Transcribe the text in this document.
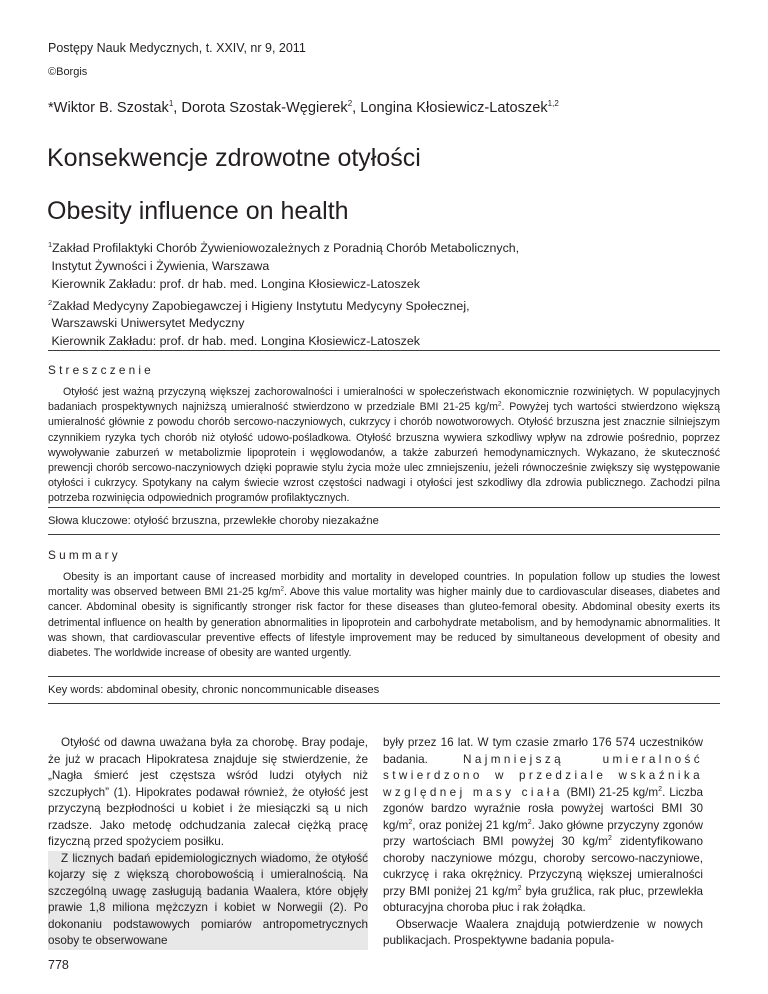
Postępy Nauk Medycznych, t. XXIV, nr 9, 2011
©Borgis
*Wiktor B. Szostak$^1$, Dorota Szostak-Węgierek$^2$, Longina Kłosiewicz-Latoszek$^{1,2}$
Konsekwencje zdrowotne otyłości
Obesity influence on health
$^1$Zakład Profilaktyki Chorób Żywieniowozależnych z Poradnią Chorób Metabolicznych,
Instytut Żywności i Żywienia, Warszawa
Kierownik Zakładu: prof. dr hab. med. Longina Kłosiewicz-Latoszek
$^2$Zakład Medycyny Zapobiegawczej i Higieny Instytutu Medycyny Społecznej,
Warszawski Uniwersytet Medyczny
Kierownik Zakładu: prof. dr hab. med. Longina Kłosiewicz-Latoszek
Streszczenie

Otyłość jest ważną przyczyną większej zachorowalności i umieralności w społeczeństwach ekonomicznie rozwiniętych. W populacyjnych badaniach prospektywnych najniższą umieralność stwierdzono w przedziale BMI 21-25 $kg/m^2$. Powyżej tych wartości stwierdzono większą umieralność głównie z powodu chorób sercowo-naczyniowych, cukrzycy i chorób nowotworowych. Otyłość brzuszna jest znacznie silniejszym czynnikiem ryzyka tych chorób niż otyłość udowo-pośladkowa. Otyłość brzuszna wywiera szkodliwy wpływ na zdrowie pośrednio, poprzez wywoływanie zaburzeń w metabolizmie lipoprotein i węglowodanów, a także zaburzeń hemodynamicznych. Wykazano, że skuteczność prewencji chorób sercowo-naczyniowych dzięki poprawie stylu życia może ulec zmniejszeniu, jeżeli równocześnie zwiększy się występowanie otyłości i cukrzycy. Spotykany na całym świecie wzrost częstości nadwagi i otyłości jest szkodliwy dla zdrowia publicznego. Zachodzi pilna potrzeba rozwinięcia odpowiednich programów profilaktycznych.

Słowa kluczowe: otyłość brzuszna, przewlekłe choroby niezakaźne
Summary

Obesity is an important cause of increased morbidity and mortality in developed countries. In population follow up studies the lowest mortality was observed between BMI 21-25 $kg/m^2$. Above this value mortality was higher mainly due to cardiovascular diseases, diabetes and cancer. Abdominal obesity is significantly stronger risk factor for these diseases than gluteo-femoral obesity. Abdominal obesity exerts its detrimental influence on health by generation abnormalities in lipoprotein and carbohydrate metabolism, and by hemodynamic abnormalities. It was shown, that cardiovascular preventive effects of lifestyle improvement may be reduced by simultaneous development of obesity and diabetes. The worldwide increase of obesity are wanted urgently.

Key words: abdominal obesity, chronic noncommunicable diseases

Otyłość od dawna uważana była za chorobę. Bray podaje, że już w pracach Hipokratesa znajduje się stwierdzenie, że „Nagła śmierć jest częstsza wśród ludzi otyłych niż szczupłych” (1). Hipokrates podawał również, że otyłość jest przyczyną bezpłodności u kobiet i że miesiączki są u nich rzadsze. Jako metodę odchudzania zalecał ciężką pracę fizyczną przed spożyciem posiłku.

Z licznych badań epidemiologicznych wiadomo, że otyłość kojarzy się z większą chorobowością i umieralnością. Na szczególną uwagę zasługują badania Waalera, które objęły prawie 1,8 miliona mężczyzn i kobiet w Norwegii (2). Po dokonaniu podstawowych pomiarów antropometrycznych osoby te obserwowane

były przez 16 lat. W tym czasie zmarło 176 574 uczestników badania. Najmniejszą umieralność stwierdzono w przedziale wskaźnika względnej masy ciała (BMI) 21-25 $kg/m^2$. Liczba zgonów bardzo wyraźnie rosła powyżej wartości BMI 30 $kg/m^2$, oraz poniżej 21 $kg/m^2$. Jako główne przyczyny zgonów przy wartościach BMI powyżej 30 $kg/m^2$ zidentyfikowano choroby naczyniowe mózgu, choroby sercowo-naczyniowe, cukrzycę i raka okrężnicy. Przyczyną większej umieralności przy BMI poniżej 21 $kg/m^2$ była gruźlica, rak płuc, przewlekła obturacyjna choroba płuc i rak żołądka.

Obserwacje Waalera znajdują potwierdzenie w nowych publikacjach. Prospektywne badania popula-

778
